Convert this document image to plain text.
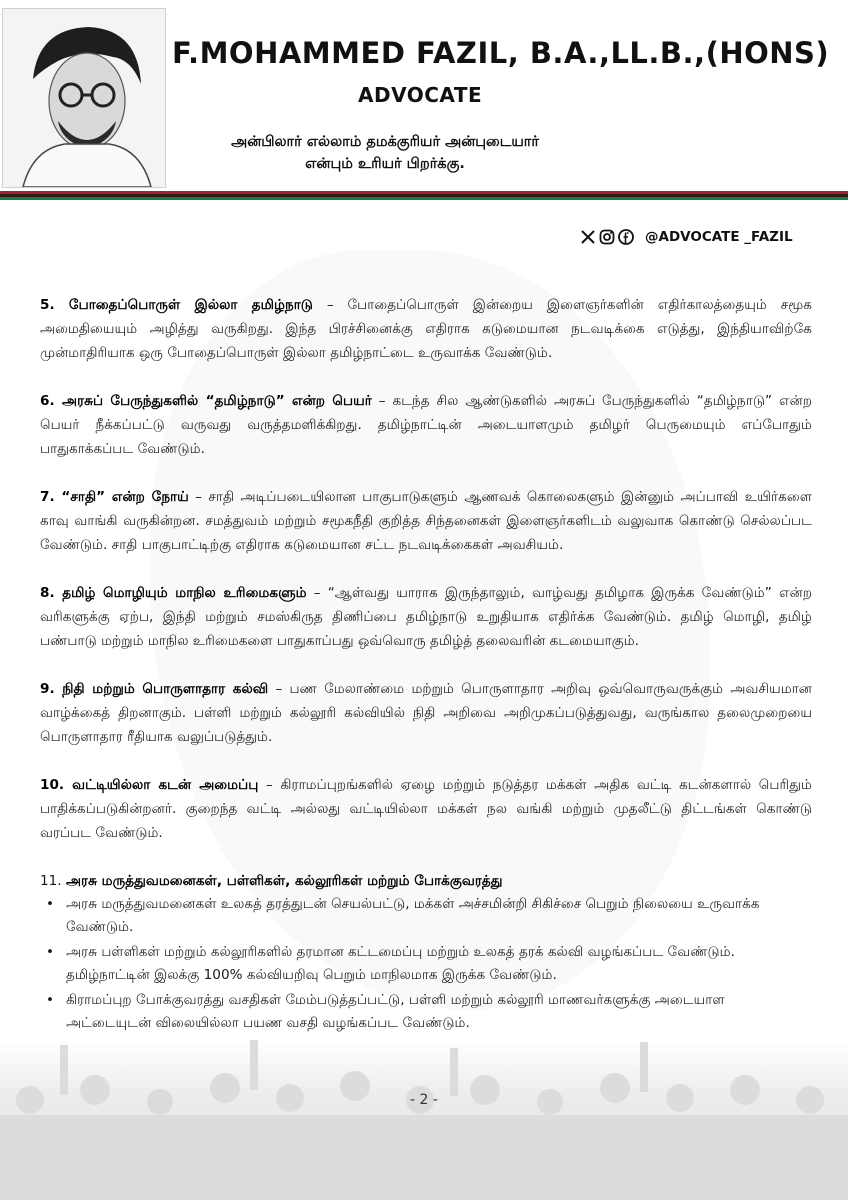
F.MOHAMMED FAZIL, B.A.,LL.B.,(HONS)
ADVOCATE
அன்பிலார் எல்லாம் தமக்குரியர் அன்புடையார்
என்பும் உரியர் பிறர்க்கு.
@ADVOCATE _FAZIL

5. போதைப்பொருள் இல்லா தமிழ்நாடு – போதைப்பொருள் இன்றைய இளைஞர்களின் எதிர்காலத்தையும் சமூக அமைதியையும் அழித்து வருகிறது. இந்த பிரச்சினைக்கு எதிராக கடுமையான நடவடிக்கை எடுத்து, இந்தியாவிற்கே முன்மாதிரியாக ஒரு போதைப்பொருள் இல்லா தமிழ்நாட்டை உருவாக்க வேண்டும்.

6. அரசுப் பேருந்துகளில் “தமிழ்நாடு” என்ற பெயர் – கடந்த சில ஆண்டுகளில் அரசுப் பேருந்துகளில் “தமிழ்நாடு” என்ற பெயர் நீக்கப்பட்டு வருவது வருத்தமளிக்கிறது. தமிழ்நாட்டின் அடையாளமும் தமிழர் பெருமையும் எப்போதும் பாதுகாக்கப்பட வேண்டும்.

7. “சாதி” என்ற நோய் – சாதி அடிப்படையிலான பாகுபாடுகளும் ஆணவக் கொலைகளும் இன்னும் அப்பாவி உயிர்களை காவு வாங்கி வருகின்றன. சமத்துவம் மற்றும் சமூகநீதி குறித்த சிந்தனைகள் இளைஞர்களிடம் வலுவாக கொண்டு செல்லப்பட வேண்டும். சாதி பாகுபாட்டிற்கு எதிராக கடுமையான சட்ட நடவடிக்கைகள் அவசியம்.

8. தமிழ் மொழியும் மாநில உரிமைகளும் – “ஆள்வது யாராக இருந்தாலும், வாழ்வது தமிழாக இருக்க வேண்டும்” என்ற வரிகளுக்கு ஏற்ப, இந்தி மற்றும் சமஸ்கிருத திணிப்பை தமிழ்நாடு உறுதியாக எதிர்க்க வேண்டும். தமிழ் மொழி, தமிழ் பண்பாடு மற்றும் மாநில உரிமைகளை பாதுகாப்பது ஒவ்வொரு தமிழ்த் தலைவரின் கடமையாகும்.

9. நிதி மற்றும் பொருளாதார கல்வி – பண மேலாண்மை மற்றும் பொருளாதார அறிவு ஒவ்வொருவருக்கும் அவசியமான வாழ்க்கைத் திறனாகும். பள்ளி மற்றும் கல்லூரி கல்வியில் நிதி அறிவை அறிமுகப்படுத்துவது, வருங்கால தலைமுறையை பொருளாதார ரீதியாக வலுப்படுத்தும்.

10. வட்டியில்லா கடன் அமைப்பு – கிராமப்புறங்களில் ஏழை மற்றும் நடுத்தர மக்கள் அதிக வட்டி கடன்களால் பெரிதும் பாதிக்கப்படுகின்றனர். குறைந்த வட்டி அல்லது வட்டியில்லா மக்கள் நல வங்கி மற்றும் முதலீட்டு திட்டங்கள் கொண்டு வரப்பட வேண்டும்.

11. அரசு மருத்துவமனைகள், பள்ளிகள், கல்லூரிகள் மற்றும் போக்குவரத்து

• அரசு மருத்துவமனைகள் உலகத் தரத்துடன் செயல்பட்டு, மக்கள் அச்சமின்றி சிகிச்சை பெறும் நிலையை உருவாக்க வேண்டும்.
• அரசு பள்ளிகள் மற்றும் கல்லூரிகளில் தரமான கட்டமைப்பு மற்றும் உலகத் தரக் கல்வி வழங்கப்பட வேண்டும். தமிழ்நாட்டின் இலக்கு 100% கல்வியறிவு பெறும் மாநிலமாக இருக்க வேண்டும்.
• கிராமப்புற போக்குவரத்து வசதிகள் மேம்படுத்தப்பட்டு, பள்ளி மற்றும் கல்லூரி மாணவர்களுக்கு அடையாள அட்டையுடன் விலையில்லா பயண வசதி வழங்கப்பட வேண்டும்.
- 2 -
